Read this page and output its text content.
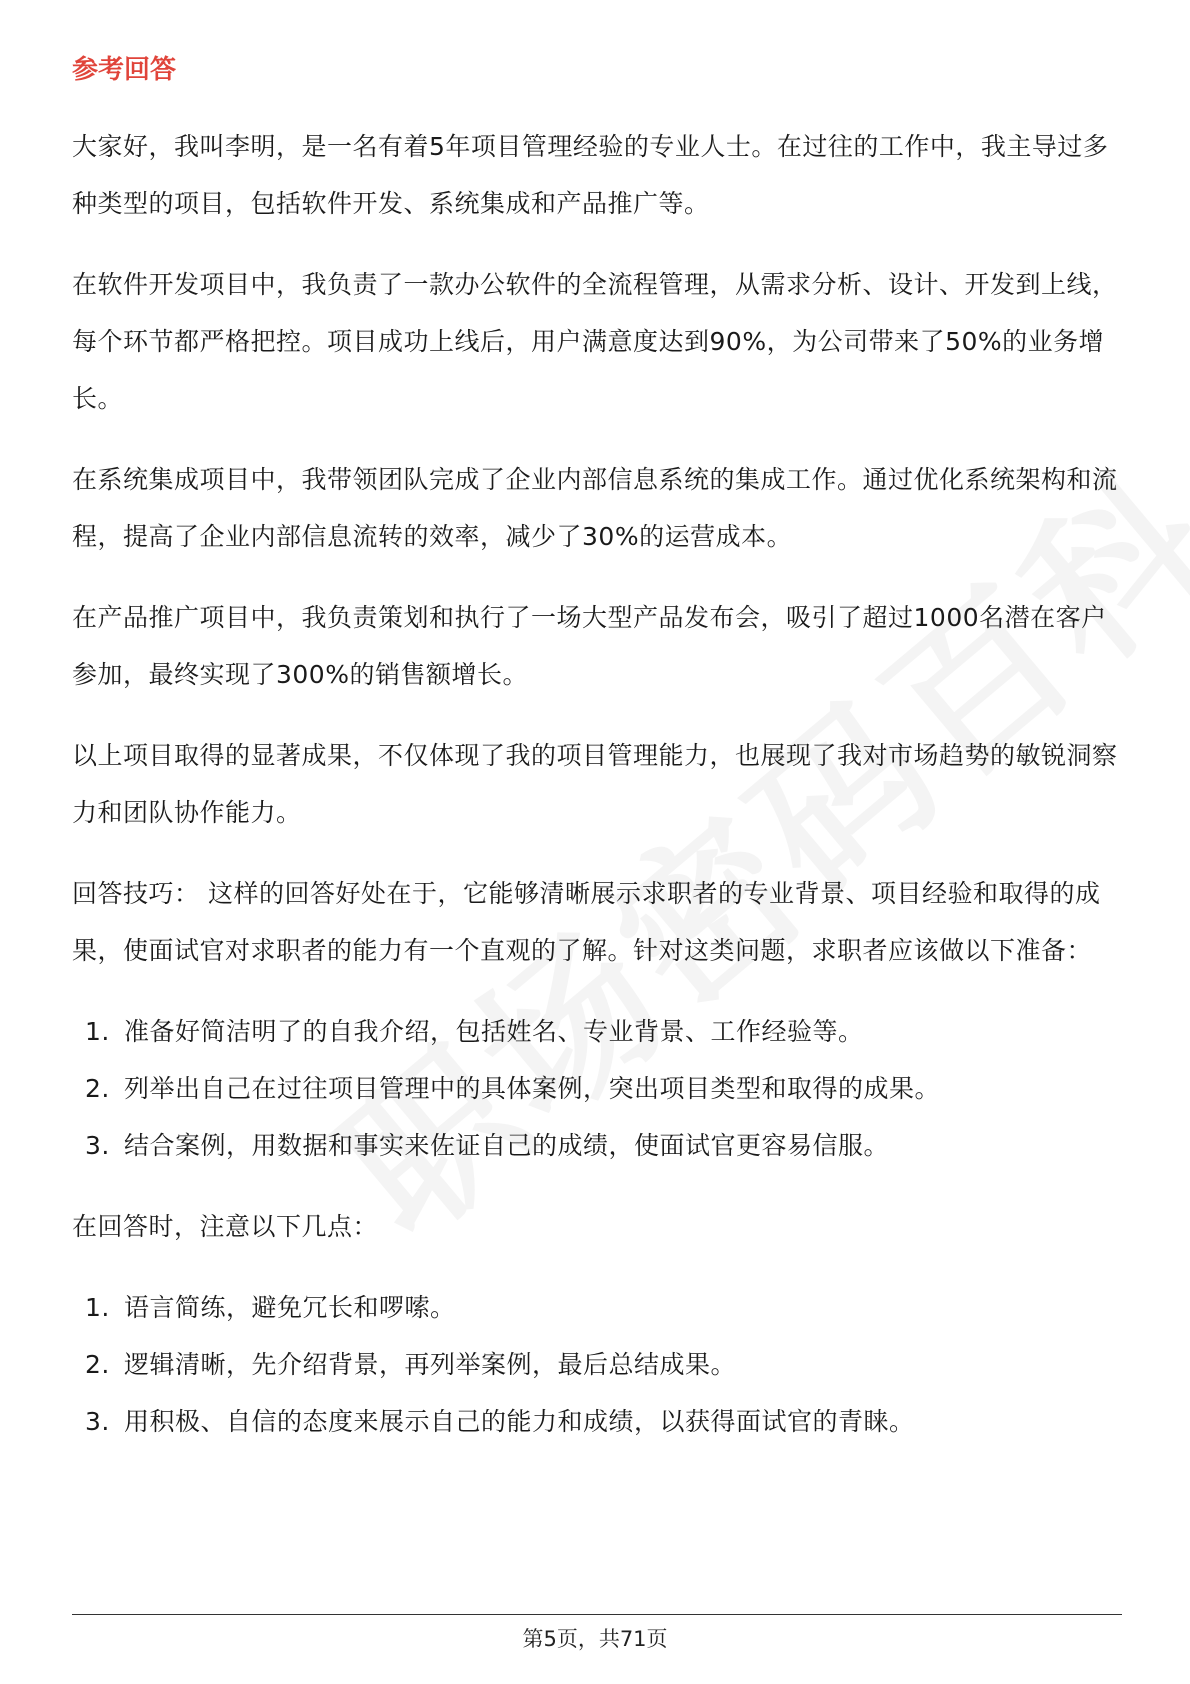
参考回答

大家好，我叫李明，是一名有着5年项目管理经验的专业人士。在过往的工作中，我主导过多种类型的项目，包括软件开发、系统集成和产品推广等。

在软件开发项目中，我负责了一款办公软件的全流程管理，从需求分析、设计、开发到上线，每个环节都严格把控。项目成功上线后，用户满意度达到90%，为公司带来了50%的业务增长。

在系统集成项目中，我带领团队完成了企业内部信息系统的集成工作。通过优化系统架构和流程，提高了企业内部信息流转的效率，减少了30%的运营成本。

在产品推广项目中，我负责策划和执行了一场大型产品发布会，吸引了超过1000名潜在客户参加，最终实现了300%的销售额增长。

以上项目取得的显著成果，不仅体现了我的项目管理能力，也展现了我对市场趋势的敏锐洞察力和团队协作能力。

回答技巧： 这样的回答好处在于，它能够清晰展示求职者的专业背景、项目经验和取得的成果，使面试官对求职者的能力有一个直观的了解。针对这类问题，求职者应该做以下准备：

1. 准备好简洁明了的自我介绍，包括姓名、专业背景、工作经验等。
2. 列举出自己在过往项目管理中的具体案例，突出项目类型和取得的成果。
3. 结合案例，用数据和事实来佐证自己的成绩，使面试官更容易信服。

在回答时，注意以下几点：

1. 语言简练，避免冗长和啰嗦。
2. 逻辑清晰，先介绍背景，再列举案例，最后总结成果。
3. 用积极、自信的态度来展示自己的能力和成绩，以获得面试官的青睐。
第5页，共71页
